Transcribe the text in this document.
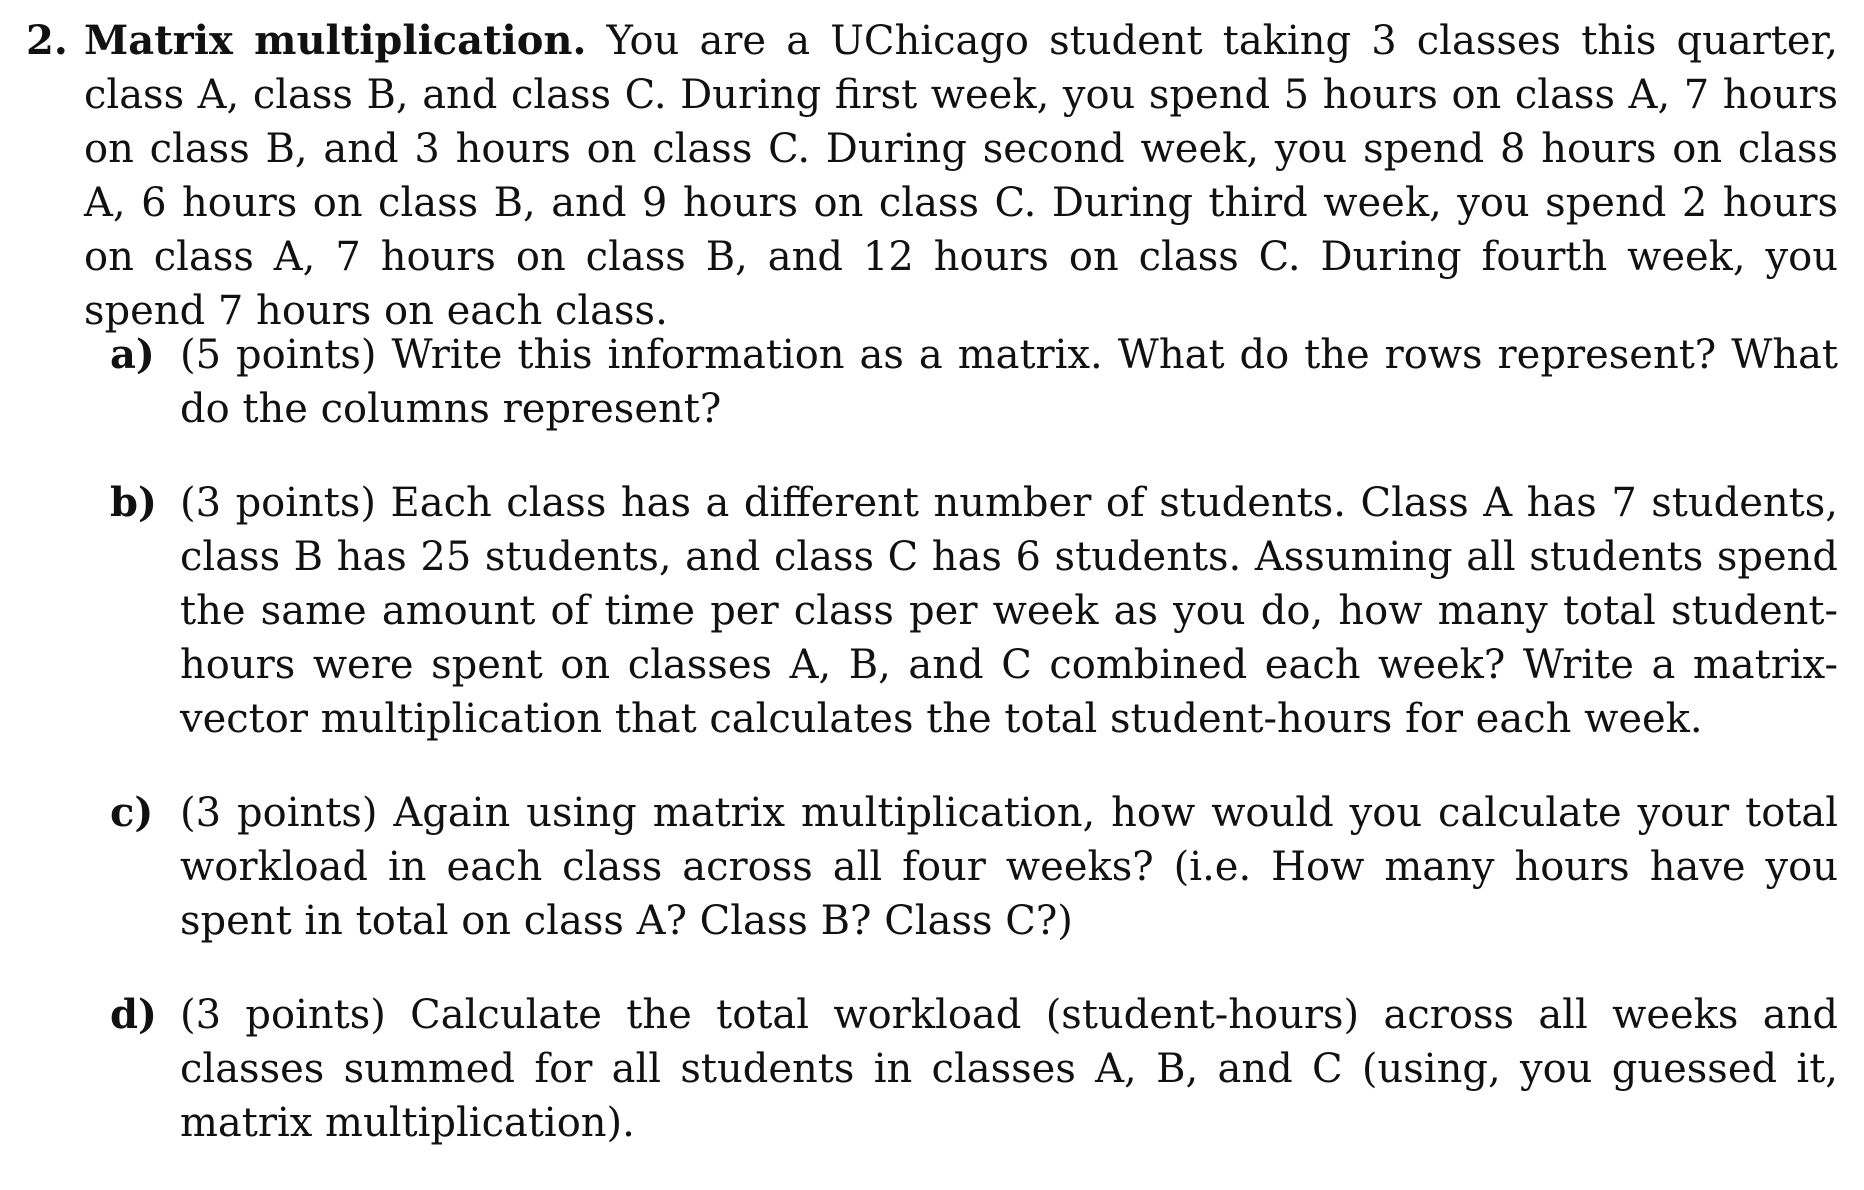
2. Matrix multiplication. You are a UChicago student taking 3 classes this quarter, class A, class B, and class C. During first week, you spend 5 hours on class A, 7 hours on class B, and 3 hours on class C. During second week, you spend 8 hours on class A, 6 hours on class B, and 9 hours on class C. During third week, you spend 2 hours on class A, 7 hours on class B, and 12 hours on class C. During fourth week, you spend 7 hours on each class.
a) (5 points) Write this information as a matrix. What do the rows represent? What do the columns represent?
b) (3 points) Each class has a different number of students. Class A has 7 students, class B has 25 students, and class C has 6 students. Assuming all students spend the same amount of time per class per week as you do, how many total student-hours were spent on classes A, B, and C combined each week? Write a matrix-vector multiplication that calculates the total student-hours for each week.
c) (3 points) Again using matrix multiplication, how would you calculate your total workload in each class across all four weeks? (i.e. How many hours have you spent in total on class A? Class B? Class C?)
d) (3 points) Calculate the total workload (student-hours) across all weeks and classes summed for all students in classes A, B, and C (using, you guessed it, matrix multiplication).
